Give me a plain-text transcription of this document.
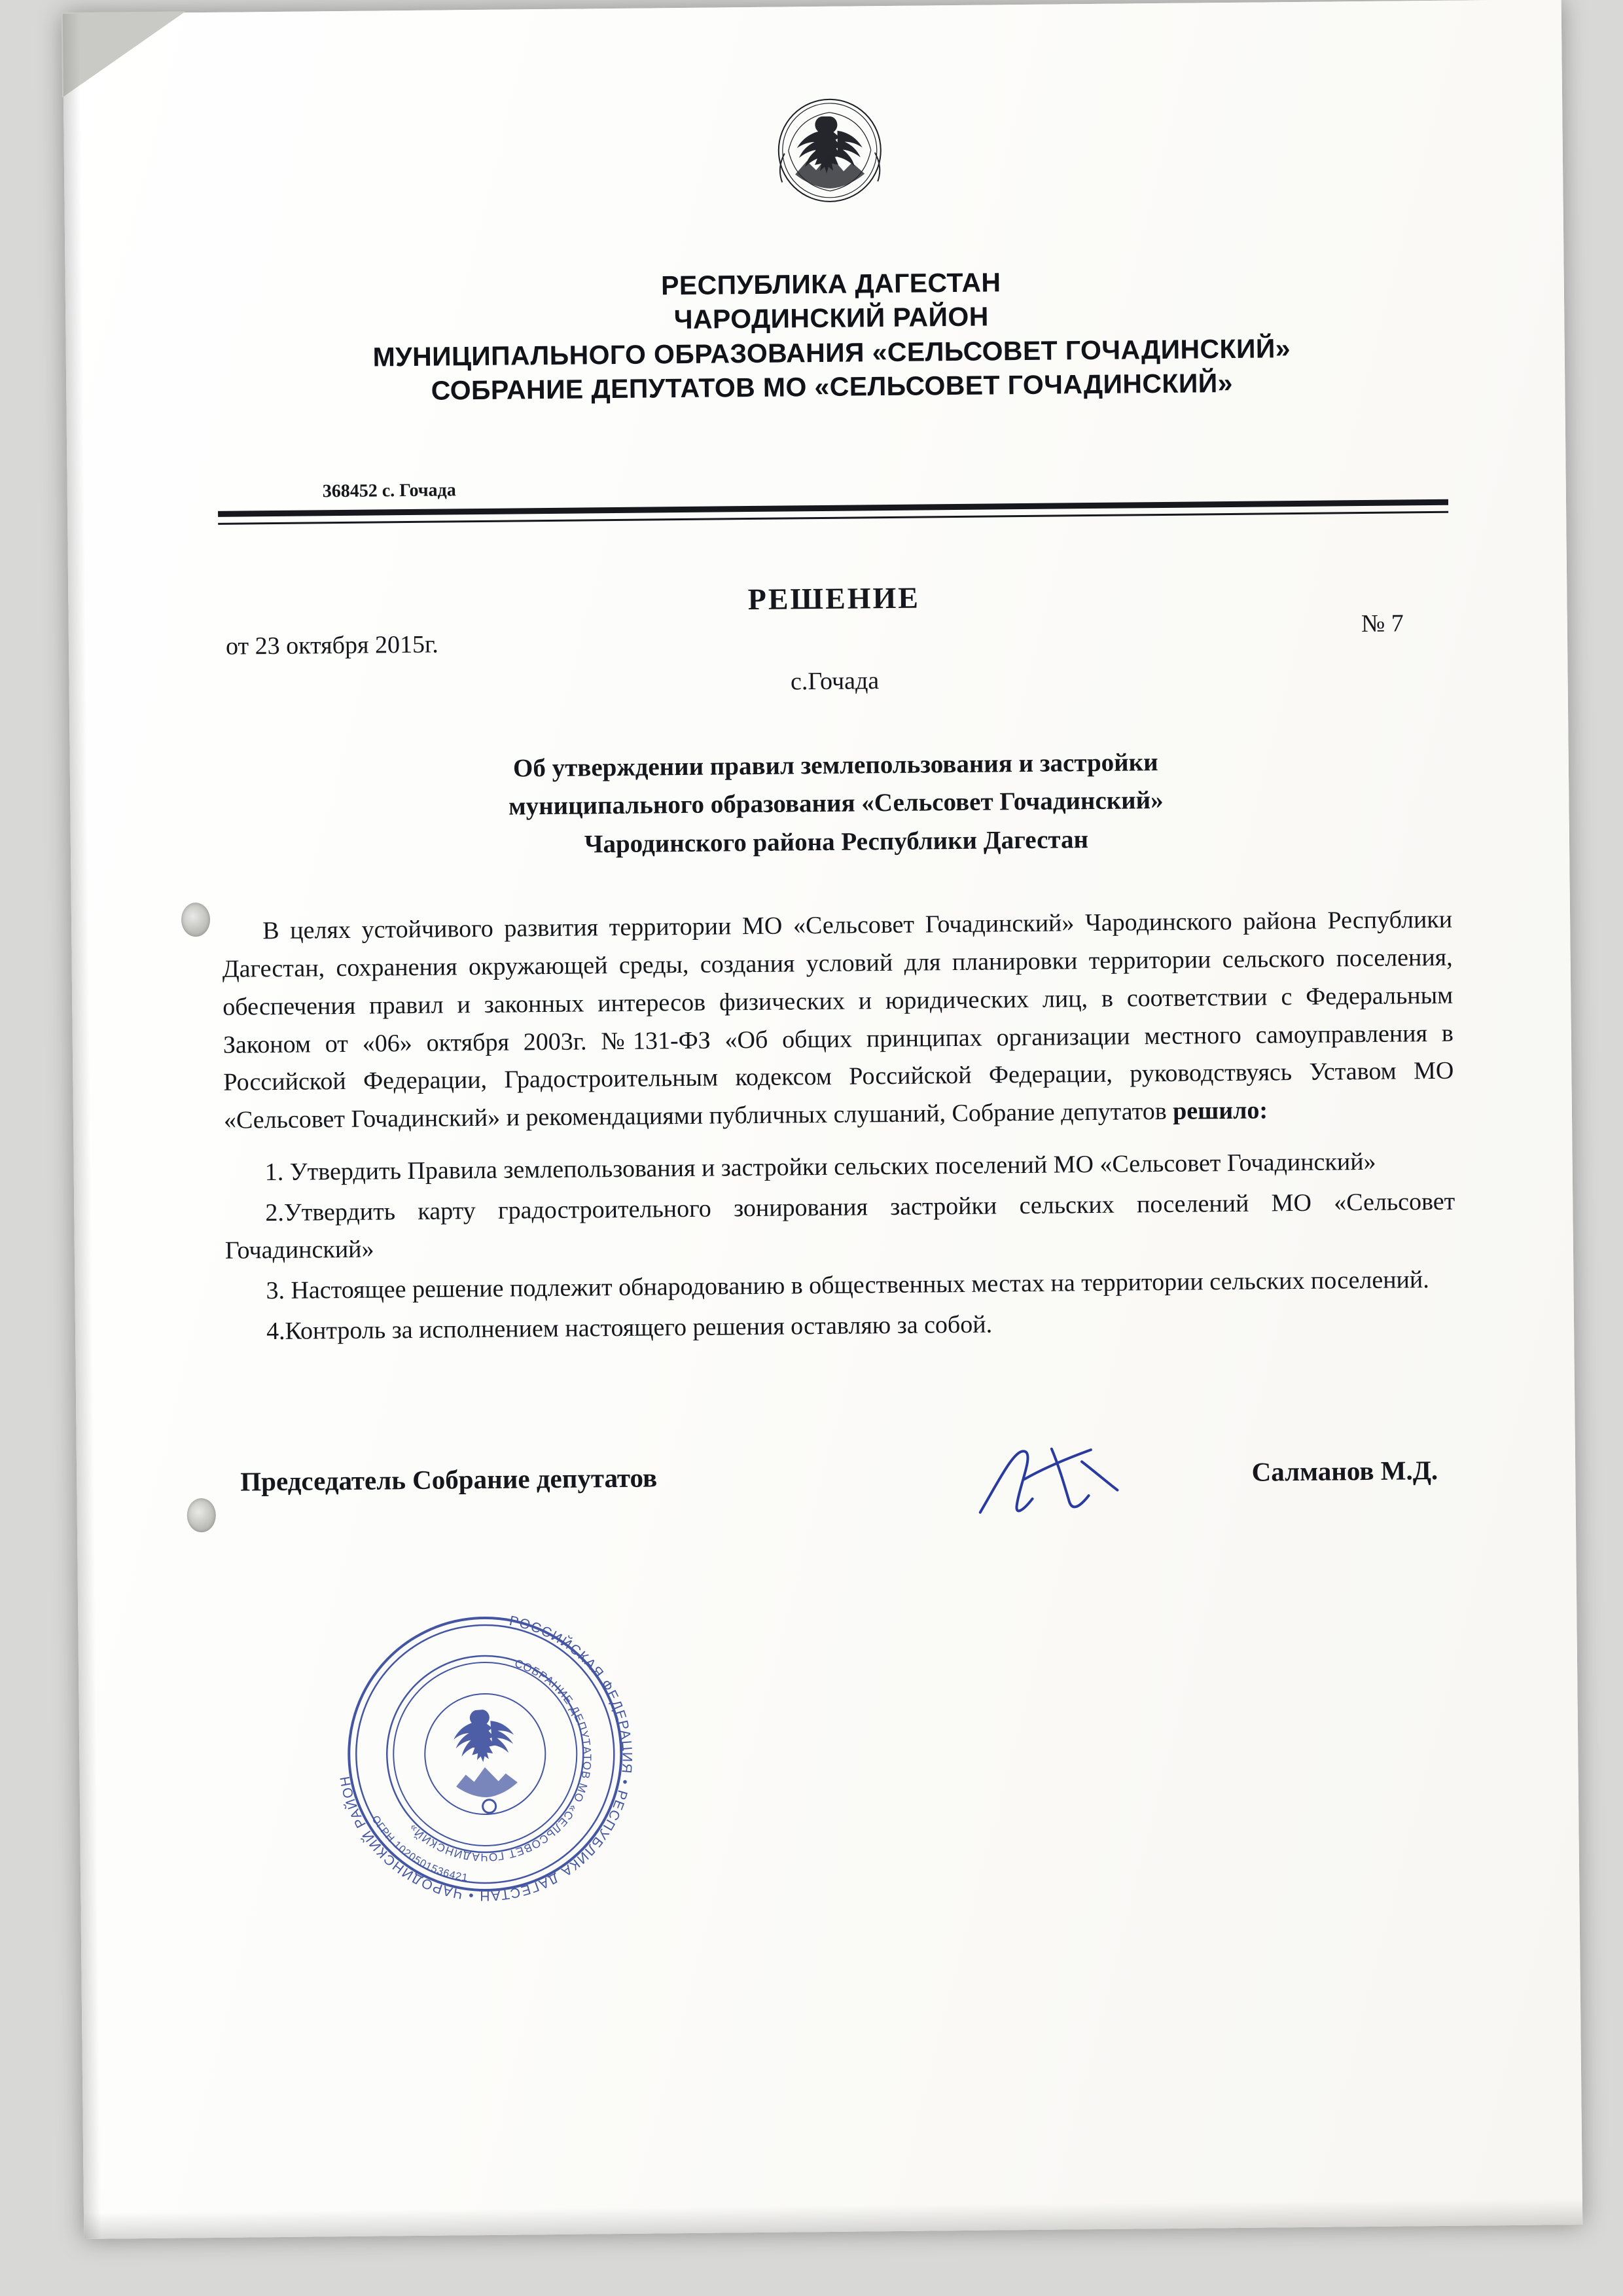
РЕСПУБЛИКА ДАГЕСТАН
ЧАРОДИНСКИЙ РАЙОН
МУНИЦИПАЛЬНОГО ОБРАЗОВАНИЯ «СЕЛЬСОВЕТ ГОЧАДИНСКИЙ»
СОБРАНИЕ ДЕПУТАТОВ МО «СЕЛЬСОВЕТ ГОЧАДИНСКИЙ»
368452 с. Гочада
РЕШЕНИЕ
от 23 октября 2015г.
№ 7
с.Гочада
Об утверждении правил землепользования и застройки
муниципального образования «Сельсовет Гочадинский»
Чародинского района Республики Дагестан

В целях устойчивого развития территории МО «Сельсовет Гочадинский» Чародинского района Республики Дагестан, сохранения окружающей среды, создания условий для планировки территории сельского поселения, обеспечения правил и законных интересов физических и юридических лиц, в соответствии с Федеральным Законом от «06» октября 2003г. №131-ФЗ «Об общих принципах организации местного самоуправления в Российской Федерации, Градостроительным кодексом Российской Федерации, руководствуясь Уставом МО «Сельсовет Гочадинский» и рекомендациями публичных слушаний, Собрание депутатов решило:

1. Утвердить Правила землепользования и застройки сельских поселений МО «Сельсовет Гочадинский»

2.Утвердить карту градостроительного зонирования застройки сельских поселений МО «Сельсовет Гочадинский»

3. Настоящее решение подлежит обнародованию в общественных местах на территории сельских поселений.

4.Контроль за исполнением настоящего решения оставляю за собой.

Председатель Собрание депутатов	Салманов М.Д.
РОССИЙСКАЯ ФЕДЕРАЦИЯ • РЕСПУБЛИКА ДАГЕСТАН • ЧАРОДИНСКИЙ РАЙОН
СОБРАНИЕ ДЕПУТАТОВ МО «СЕЛЬСОВЕТ ГОЧАДИНСКИЙ»
ОГРН 1020501536421
